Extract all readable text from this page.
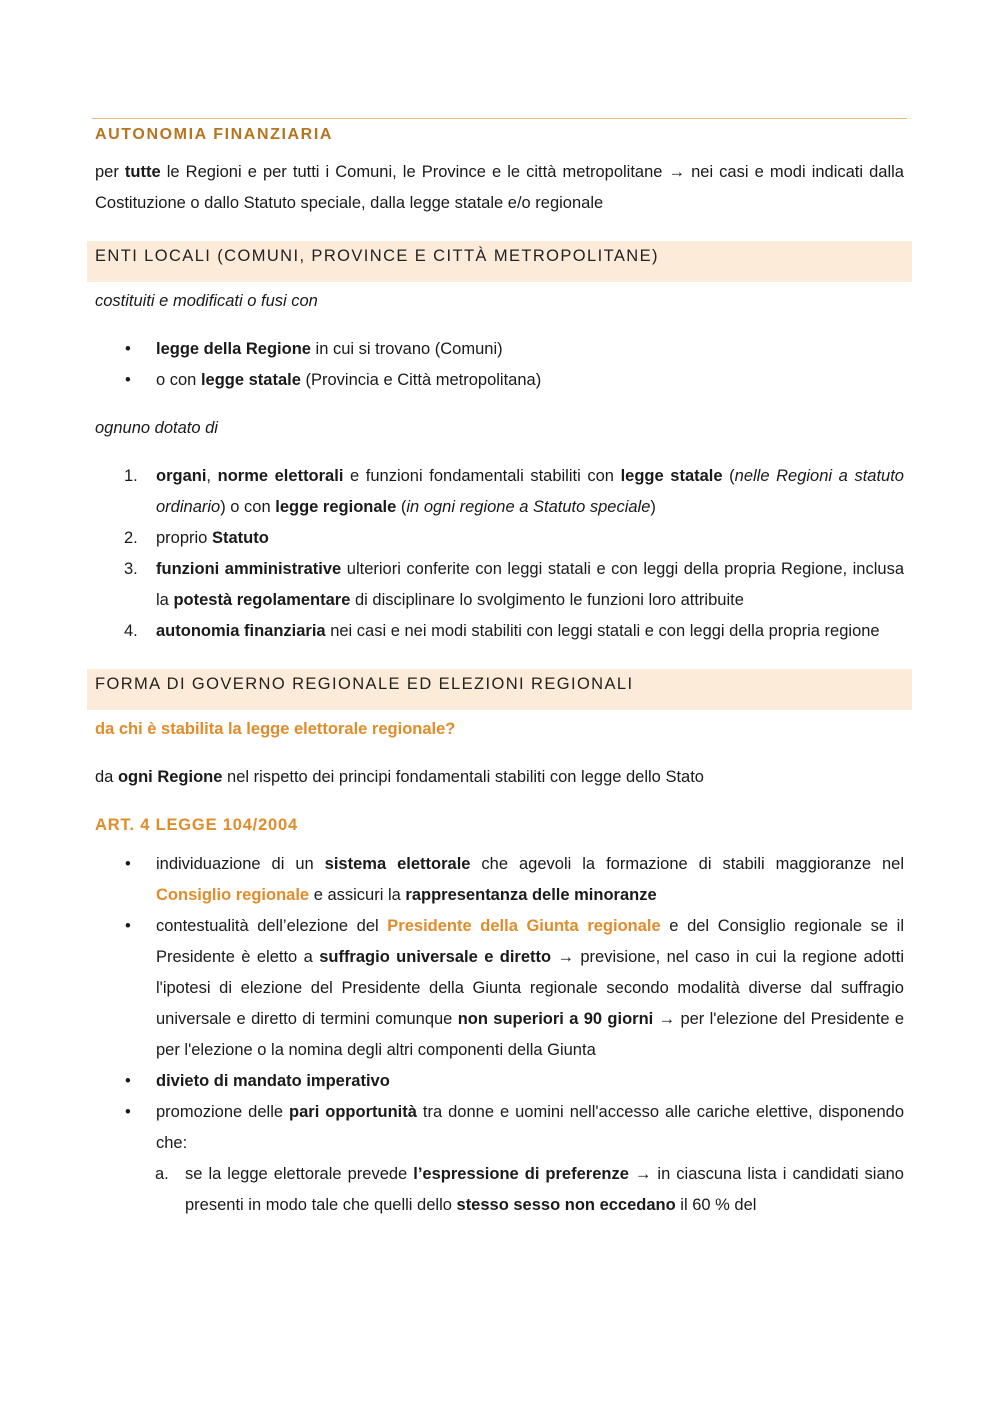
AUTONOMIA FINANZIARIA

per tutte le Regioni e per tutti i Comuni, le Province e le città metropolitane → nei casi e modi indicati dalla Costituzione o dallo Statuto speciale, dalla legge statale e/o regionale

ENTI LOCALI (COMUNI, PROVINCE E CITTÀ METROPOLITANE)

costituiti e modificati o fusi con

• legge della Regione in cui si trovano (Comuni)
• o con legge statale (Provincia e Città metropolitana)

ognuno dotato di

1. organi, norme elettorali e funzioni fondamentali stabiliti con legge statale (nelle Regioni a statuto ordinario) o con legge regionale (in ogni regione a Statuto speciale)
2. proprio Statuto
3. funzioni amministrative ulteriori conferite con leggi statali e con leggi della propria Regione, inclusa la potestà regolamentare di disciplinare lo svolgimento le funzioni loro attribuite
4. autonomia finanziaria nei casi e nei modi stabiliti con leggi statali e con leggi della propria regione
FORMA DI GOVERNO REGIONALE ED ELEZIONI REGIONALI

da chi è stabilita la legge elettorale regionale?

da ogni Regione nel rispetto dei principi fondamentali stabiliti con legge dello Stato

ART. 4 LEGGE 104/2004

• individuazione di un sistema elettorale che agevoli la formazione di stabili maggioranze nel Consiglio regionale e assicuri la rappresentanza delle minoranze
• contestualità dell’elezione del Presidente della Giunta regionale e del Consiglio regionale se il Presidente è eletto a suffragio universale e diretto → previsione, nel caso in cui la regione adotti l'ipotesi di elezione del Presidente della Giunta regionale secondo modalità diverse dal suffragio universale e diretto di termini comunque non superiori a 90 giorni → per l'elezione del Presidente e per l'elezione o la nomina degli altri componenti della Giunta
• divieto di mandato imperativo
• promozione delle pari opportunità tra donne e uomini nell'accesso alle cariche elettive, disponendo che:
a. se la legge elettorale prevede l’espressione di preferenze → in ciascuna lista i candidati siano presenti in modo tale che quelli dello stesso sesso non eccedano il 60 % del
